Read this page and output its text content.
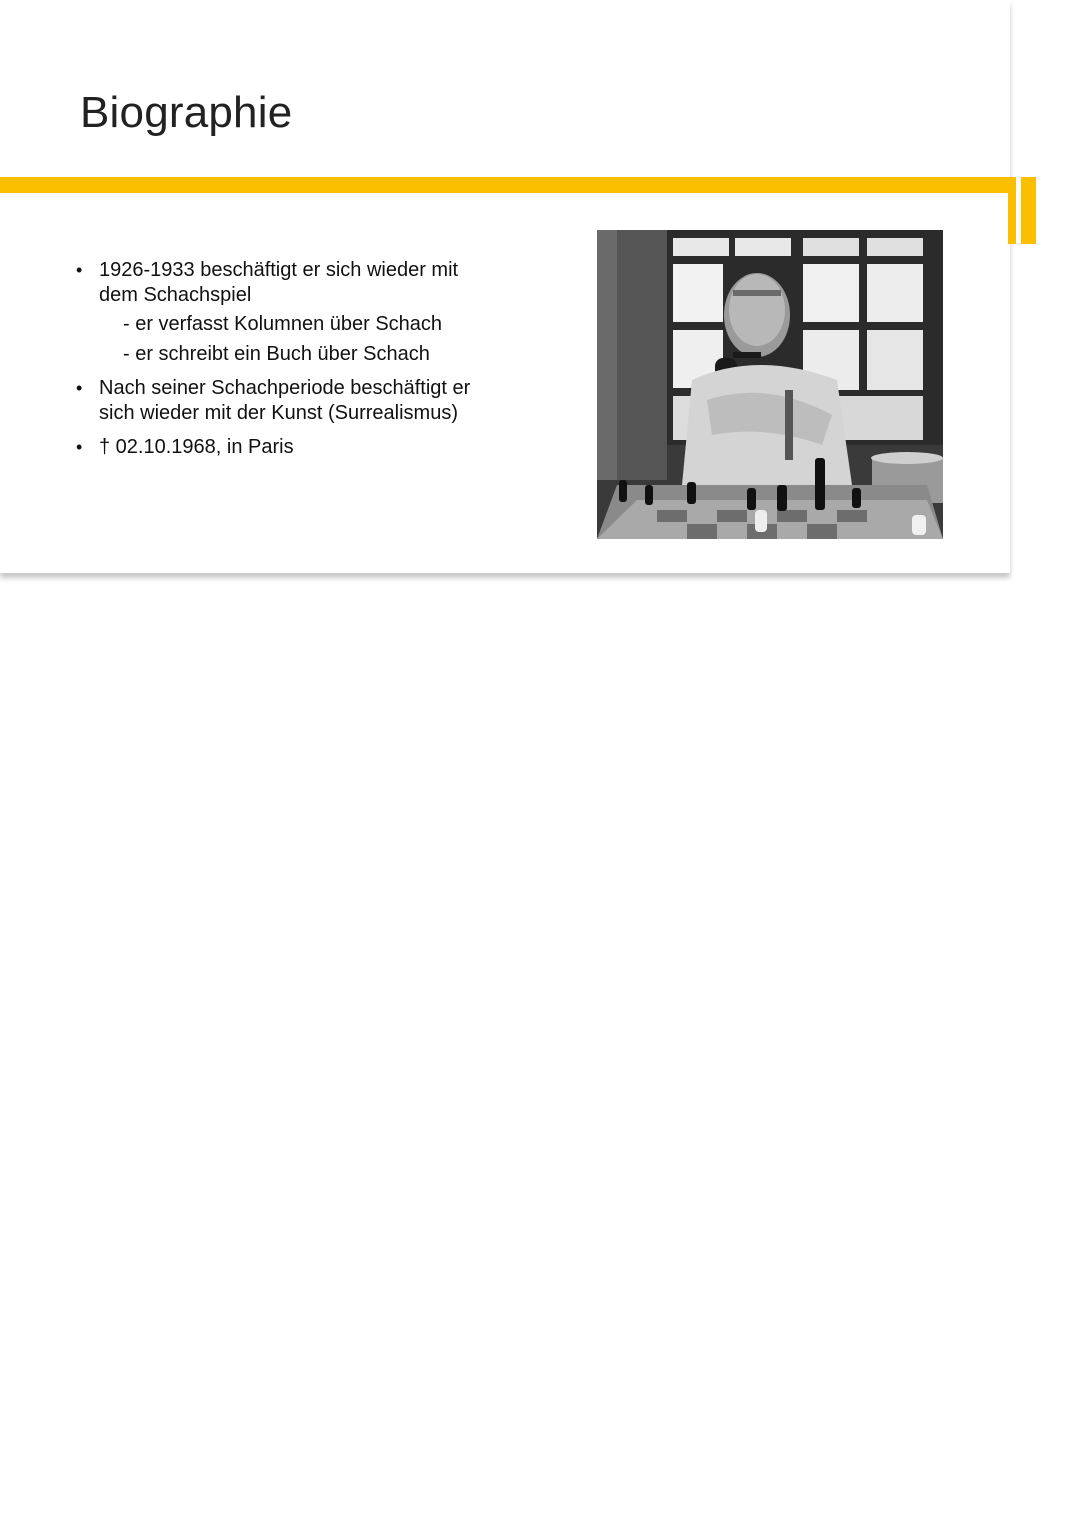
Biographie
• 1926-1933 beschäftigt er sich wieder mit dem Schachspiel
- er verfasst Kolumnen über Schach
- er schreibt ein Buch über Schach
• Nach seiner Schachperiode beschäftigt er sich wieder mit der Kunst (Surrealismus)
• † 02.10.1968, in Paris
